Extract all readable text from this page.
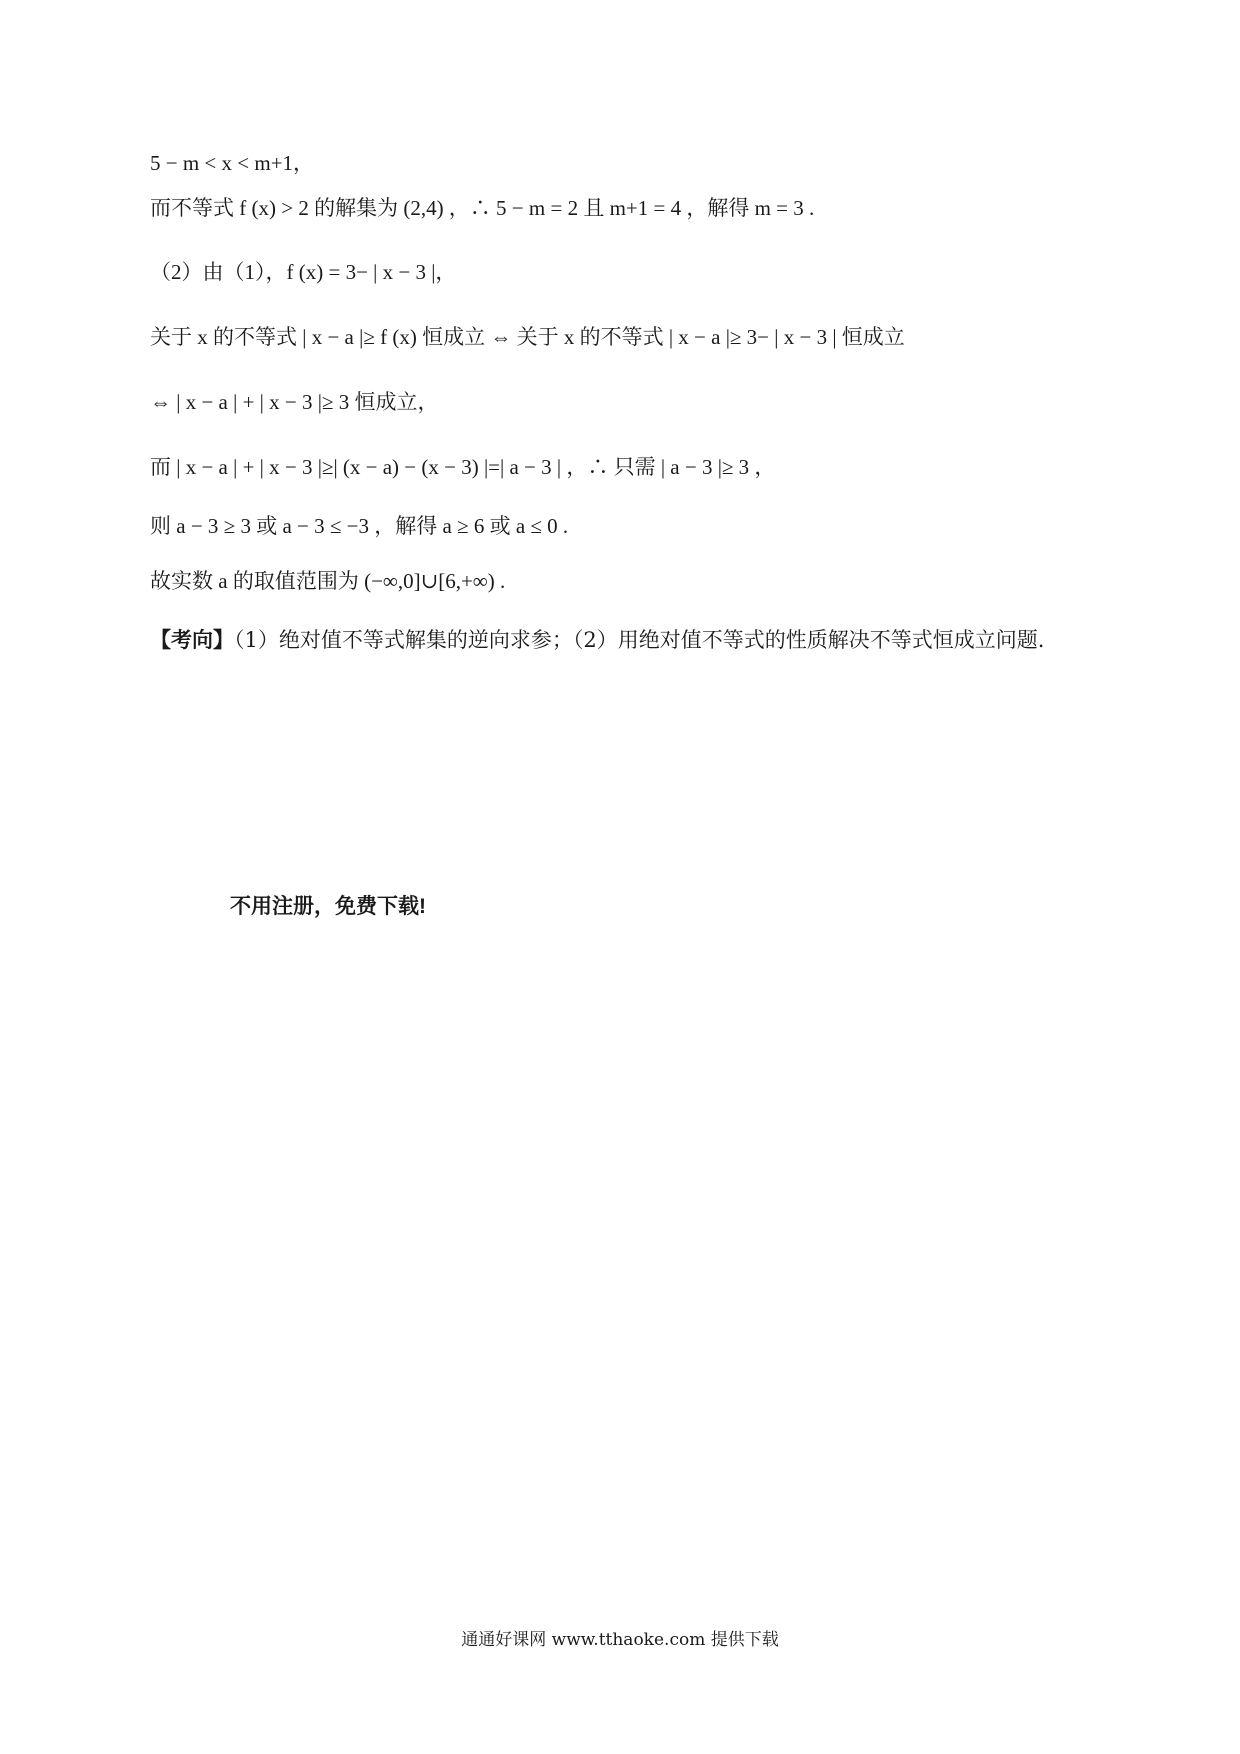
5 − m < x < m+1，
而不等式 f (x) > 2 的解集为 (2,4) ，∴ 5 − m = 2 且 m+1 = 4 ，解得 m = 3 .
（2）由（1），f (x) = 3− | x − 3 |，
关于 x 的不等式 | x − a |≥ f (x) 恒成立 ⇔ 关于 x 的不等式 | x − a |≥ 3− | x − 3 | 恒成立
⇔ | x − a | + | x − 3 |≥ 3 恒成立，
而 | x − a | + | x − 3 |≥| (x − a) − (x − 3) |=| a − 3 | ，∴ 只需 | a − 3 |≥ 3 ，
则 a − 3 ≥ 3 或 a − 3 ≤ −3 ，解得 a ≥ 6 或 a ≤ 0 .
故实数 a 的取值范围为 (−∞,0]∪[6,+∞) .
【考向】（1）绝对值不等式解集的逆向求参；（2）用绝对值不等式的性质解决不等式恒成立问题.
不用注册，免费下载!
通通好课网 www.tthaoke.com 提供下载
